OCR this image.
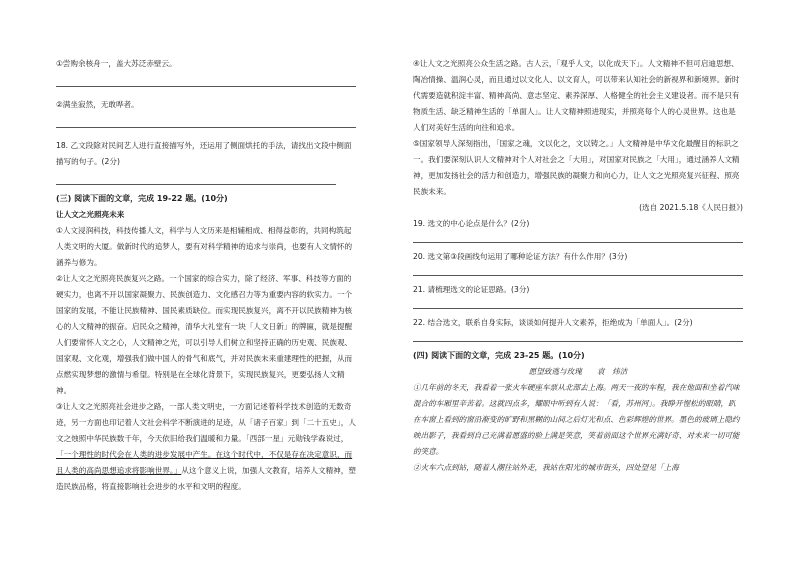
①尝购余核舟一，盖大苏泛赤壁云。

②满坐寂然，无敢哗者。

18. 乙文段除对民间艺人进行直接描写外，还运用了侧面烘托的手法，请找出文段中侧面描写的句子。(2分)

(三) 阅读下面的文章，完成 19-22 题。(10分)

让人文之光照亮未来

①人文浸润科技，科技传播人文，科学与人文历来是相辅相成、相得益彰的，共同构筑起人类文明的大厦。做新时代的追梦人，要有对科学精神的追求与崇尚，也要有人文情怀的涵养与修为。

②让人文之光照亮民族复兴之路。一个国家的综合实力，除了经济、军事、科技等方面的硬实力，也离不开以国家凝聚力、民族创造力、文化感召力等为重要内容的软实力。一个国家的发展，不能让民族精神、国民素质缺位。而实现民族复兴，离不开以民族精神为核心的人文精神的振奋。启民众之精神，清华大礼堂有一块「人文日新」的牌匾，就是提醒人们要常怀人文之心，人文精神之光，可以引导人们树立和坚持正确的历史观、民族观、国家观、文化观，增强我们做中国人的骨气和底气，并对民族未来重建理性的把握，从而点燃实现梦想的激情与希望。特别是在全球化背景下，实现民族复兴，更要弘扬人文精神。

③让人文之光照亮社会进步之路，一部人类文明史，一方面记述着科学技术创造的无数奇迹，另一方面也印记着人文社会科学不断演进的足迹，从「诸子百家」到「二十五史」，人文之烛照中华民族数千年，今天依旧给我们温暖和力量。「西部一星」元勋钱学森说过，「一个理性的时代会在人类的进步发展中产生。在这个时代中，不仅是存在决定意识，而且人类的高尚思想追求将影响世界。」从这个意义上说，加强人文教育，培养人文精神，塑造民族品格，将直接影响社会进步的水平和文明的程度。

④让人文之光照亮公众生活之路。古人云，「观乎人文，以化成天下」。人文精神不但可启迪思想、陶冶情操、温润心灵，而且通过以文化人、以文育人，可以带来认知社会的新视界和新境界。新时代需要造就积淀丰富、精神高尚、意志坚定、素养深厚、人格健全的社会主义建设者。而不是只有物质生活、缺乏精神生活的「单面人」。让人文精神照进现实，并照亮每个人的心灵世界。这也是人们对美好生活的向往和追求。

⑤国家领导人深刻指出，「国家之魂，文以化之，文以铸之。」人文精神是中华文化最醒目的标识之一。我们要深刻认识人文精神对个人对社会之「大用」，对国家对民族之「大用」，通过涵养人文精神，更加发扬社会的活力和创造力，增强民族的凝聚力和向心力，让人文之光照亮复兴征程、照亮民族未来。

(选自 2021.5.18《人民日报》)

19. 选文的中心论点是什么？(2分)

20. 选文第③段画线句运用了哪种论证方法？有什么作用？(3分)

21. 请梳理选文的论证思路。(3分)

22. 结合选文，联系自身实际，谈谈如何提升人文素养，拒绝成为「单面人」。(2分)

(四) 阅读下面的文章，完成 23-25 题。(10分)

愿望致逃与玫瑰　　袁　炜洁

①几年前的冬天，我看着一张火车硬座车票从北部去上海。两天一夜的车程，我在他面和坐着汽味混合的车厢里辛苦着。这就四点多，耀眼中听到有人说：「看，苏州河」。我睁开惺松的眼睛，趴在车窗上看到的窗沿渐变的旷野和黑糊的山间之后灯光和点、色彩辉煌的世界。墨色的玻璃上隐约映出影子，我看到自己充满着愿盛的脸上满是笑意，笑着前面这个世界充满好奇、对未来一切可能的笑意。

②火车六点到站，随着人潮往站外走，我站在阳光的城市街头，四处望见「上海
